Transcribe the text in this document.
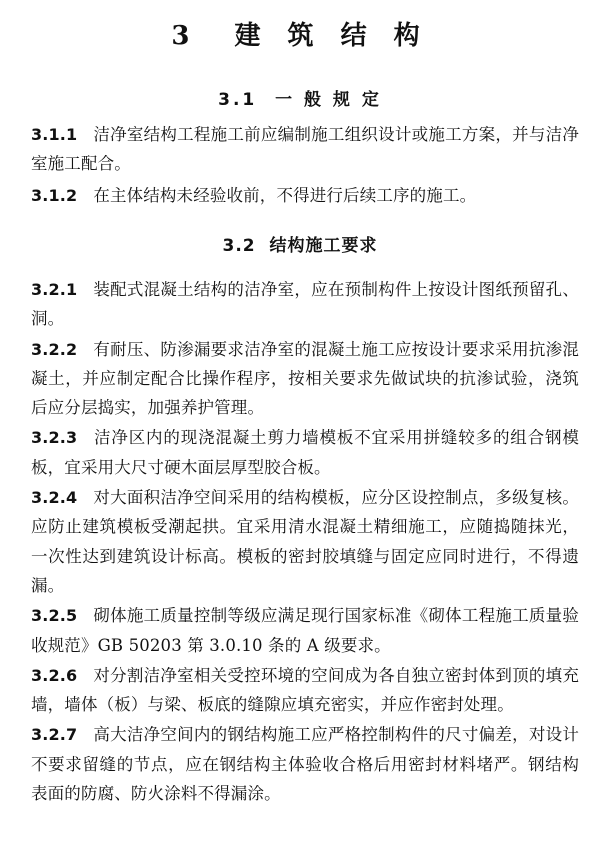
3  建 筑 结 构
3.1  一 般 规 定

3.1.1 洁净室结构工程施工前应编制施工组织设计或施工方案，并与洁净室施工配合。

3.1.2 在主体结构未经验收前，不得进行后续工序的施工。

3.2  结构施工要求

3.2.1 装配式混凝土结构的洁净室，应在预制构件上按设计图纸预留孔、洞。

3.2.2 有耐压、防渗漏要求洁净室的混凝土施工应按设计要求采用抗渗混凝土，并应制定配合比操作程序，按相关要求先做试块的抗渗试验，浇筑后应分层捣实，加强养护管理。

3.2.3 洁净区内的现浇混凝土剪力墙模板不宜采用拼缝较多的组合钢模板，宜采用大尺寸硬木面层厚型胶合板。

3.2.4 对大面积洁净空间采用的结构模板，应分区设控制点，多级复核。应防止建筑模板受潮起拱。宜采用清水混凝土精细施工，应随捣随抹光，一次性达到建筑设计标高。模板的密封胶填缝与固定应同时进行，不得遗漏。

3.2.5 砌体施工质量控制等级应满足现行国家标准《砌体工程施工质量验收规范》GB 50203 第 3.0.10 条的 A 级要求。

3.2.6 对分割洁净室相关受控环境的空间成为各自独立密封体到顶的填充墙，墙体（板）与梁、板底的缝隙应填充密实，并应作密封处理。

3.2.7 高大洁净空间内的钢结构施工应严格控制构件的尺寸偏差，对设计不要求留缝的节点，应在钢结构主体验收合格后用密封材料堵严。钢结构表面的防腐、防火涂料不得漏涂。
